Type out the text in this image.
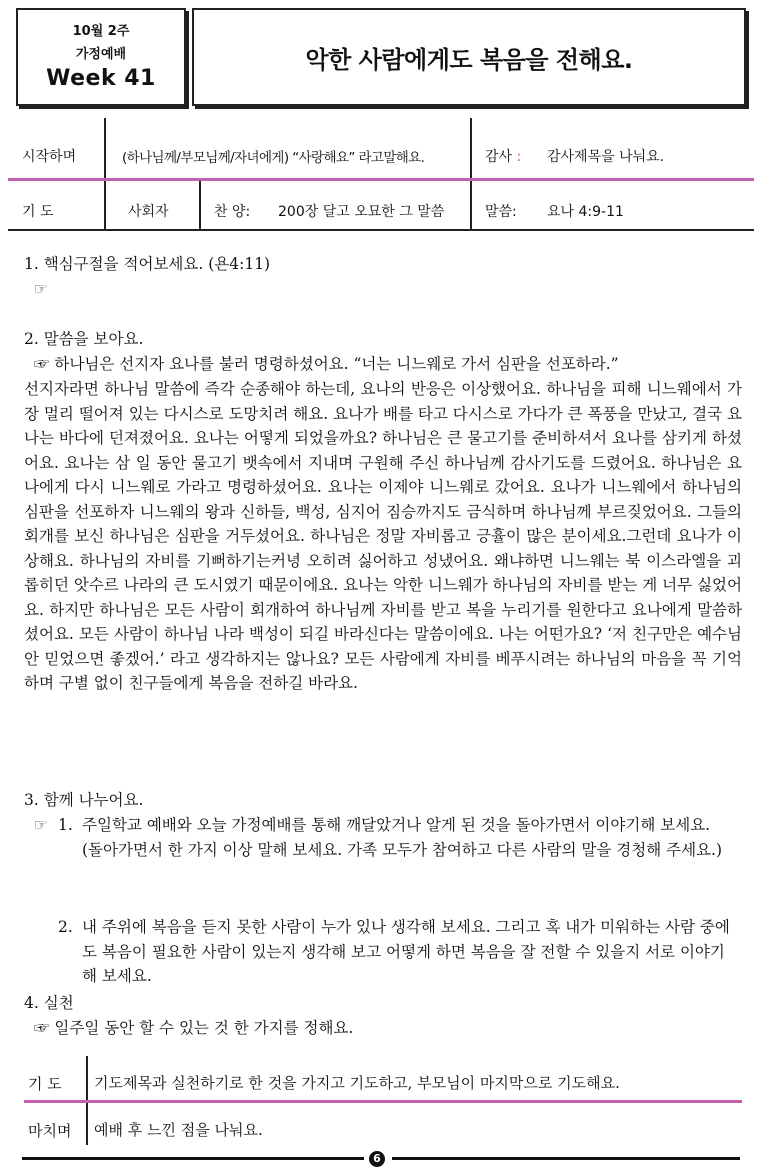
10월 2주
가정예배
Week 41
악한 사람에게도 복음을 전해요.
시작하며	(하나님께/부모님께/자녀에게) “사랑해요” 라고말해요.	감사 : 감사제목을 나눠요.
기 도	사회자	찬 양: 200장 달고 오묘한 그 말씀	말씀: 요나 4:9-11
1. 핵심구절을 적어보세요. (욘4:11)
☞
2. 말씀을 보아요.
☞ 하나님은 선지자 요나를 불러 명령하셨어요. “너는 니느웨로 가서 심판을 선포하라.”
선지자라면 하나님 말씀에 즉각 순종해야 하는데, 요나의 반응은 이상했어요. 하나님을 피해 니느웨에서 가장 멀리 떨어져 있는 다시스로 도망치려 해요. 요나가 배를 타고 다시스로 가다가 큰 폭풍을 만났고, 결국 요나는 바다에 던져졌어요. 요나는 어떻게 되었을까요? 하나님은 큰 물고기를 준비하셔서 요나를 삼키게 하셨어요. 요나는 삼 일 동안 물고기 뱃속에서 지내며 구원해 주신 하나님께 감사기도를 드렸어요. 하나님은 요나에게 다시 니느웨로 가라고 명령하셨어요. 요나는 이제야 니느웨로 갔어요. 요나가 니느웨에서 하나님의 심판을 선포하자 니느웨의 왕과 신하들, 백성, 심지어 짐승까지도 금식하며 하나님께 부르짖었어요. 그들의 회개를 보신 하나님은 심판을 거두셨어요. 하나님은 정말 자비롭고 긍휼이 많은 분이세요.그런데 요나가 이상해요. 하나님의 자비를 기뻐하기는커녕 오히려 싫어하고 성냈어요. 왜냐하면 니느웨는 북 이스라엘을 괴롭히던 앗수르 나라의 큰 도시였기 때문이에요. 요나는 악한 니느웨가 하나님의 자비를 받는 게 너무 싫었어요. 하지만 하나님은 모든 사람이 회개하여 하나님께 자비를 받고 복을 누리기를 원한다고 요나에게 말씀하셨어요. 모든 사람이 하나님 나라 백성이 되길 바라신다는 말씀이에요. 나는 어떤가요? ‘저 친구만은 예수님 안 믿었으면 좋겠어.’ 라고 생각하지는 않나요? 모든 사람에게 자비를 베푸시려는 하나님의 마음을 꼭 기억하며 구별 없이 친구들에게 복음을 전하길 바라요.
3. 함께 나누어요.
☞ 1. 주일학교 예배와 오늘 가정예배를 통해 깨달았거나 알게 된 것을 돌아가면서 이야기해 보세요. (돌아가면서 한 가지 이상 말해 보세요. 가족 모두가 참여하고 다른 사람의 말을 경청해 주세요.)
2. 내 주위에 복음을 듣지 못한 사람이 누가 있나 생각해 보세요. 그리고 혹 내가 미워하는 사람 중에도 복음이 필요한 사람이 있는지 생각해 보고 어떻게 하면 복음을 잘 전할 수 있을지 서로 이야기해 보세요.
4. 실천
☞ 일주일 동안 할 수 있는 것 한 가지를 정해요.
기 도 기도제목과 실천하기로 한 것을 가지고 기도하고, 부모님이 마지막으로 기도해요.
마치며 예배 후 느낀 점을 나눠요.
6
